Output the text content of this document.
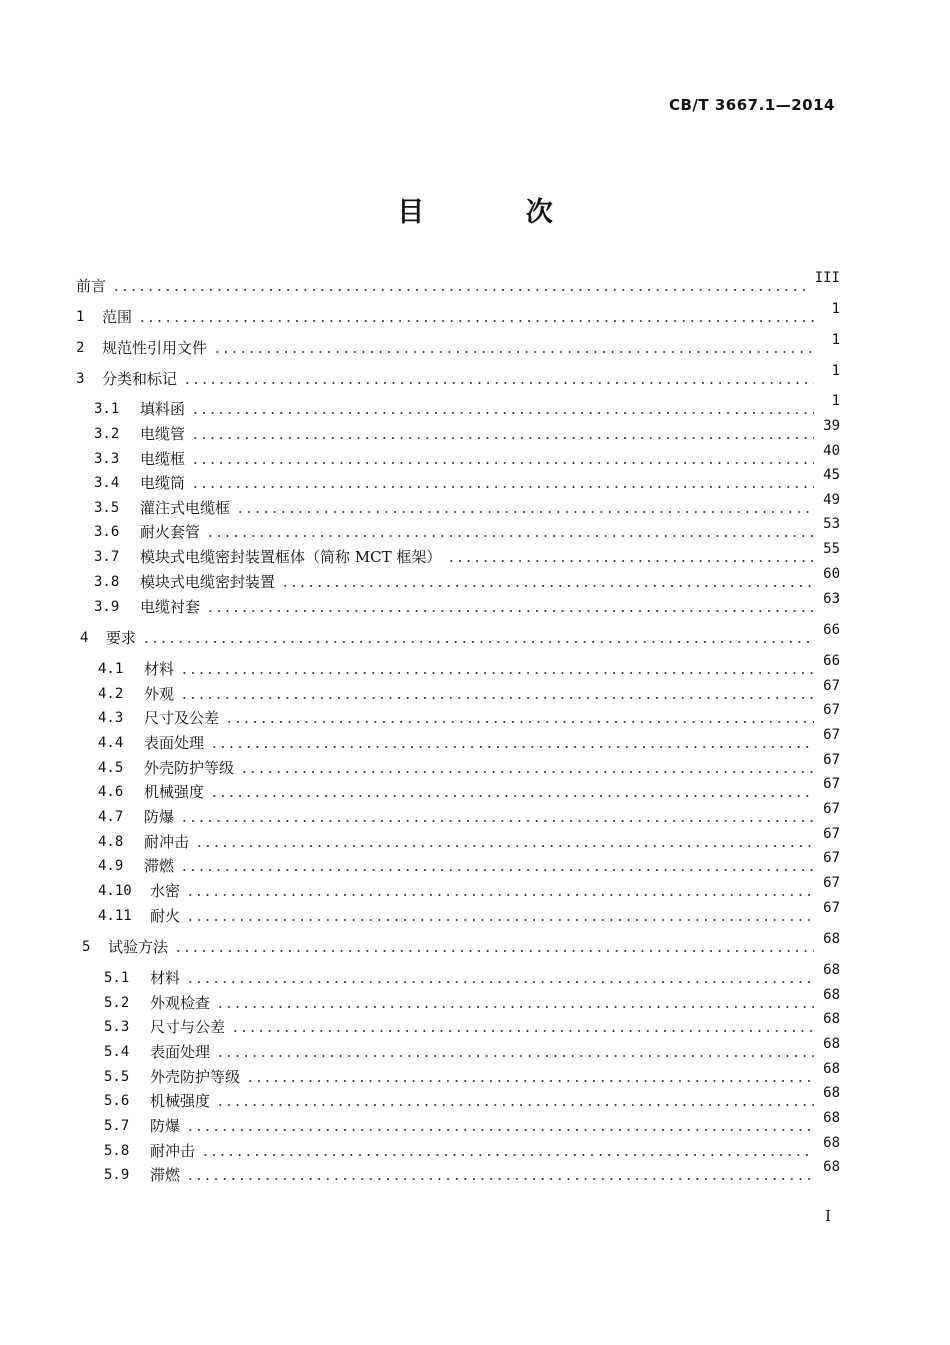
CB/T 3667.1—2014
目 次
前言	III
1	范围	1
2	规范性引用文件	1
3	分类和标记	1
3.1	填料函	1
3.2	电缆管	39
3.3	电缆框	40
3.4	电缆筒	45
3.5	灌注式电缆框	49
3.6	耐火套管	53
3.7	模块式电缆密封装置框体（简称 MCT 框架）	55
3.8	模块式电缆密封装置	60
3.9	电缆衬套	63
4	要求	66
4.1	材料	66
4.2	外观	67
4.3	尺寸及公差	67
4.4	表面处理	67
4.5	外壳防护等级	67
4.6	机械强度	67
4.7	防爆	67
4.8	耐冲击	67
4.9	滞燃	67
4.10	水密	67
4.11	耐火	67
5	试验方法	68
5.1	材料	68
5.2	外观检查	68
5.3	尺寸与公差	68
5.4	表面处理	68
5.5	外壳防护等级	68
5.6	机械强度	68
5.7	防爆	68
5.8	耐冲击	68
5.9	滞燃	68
I
